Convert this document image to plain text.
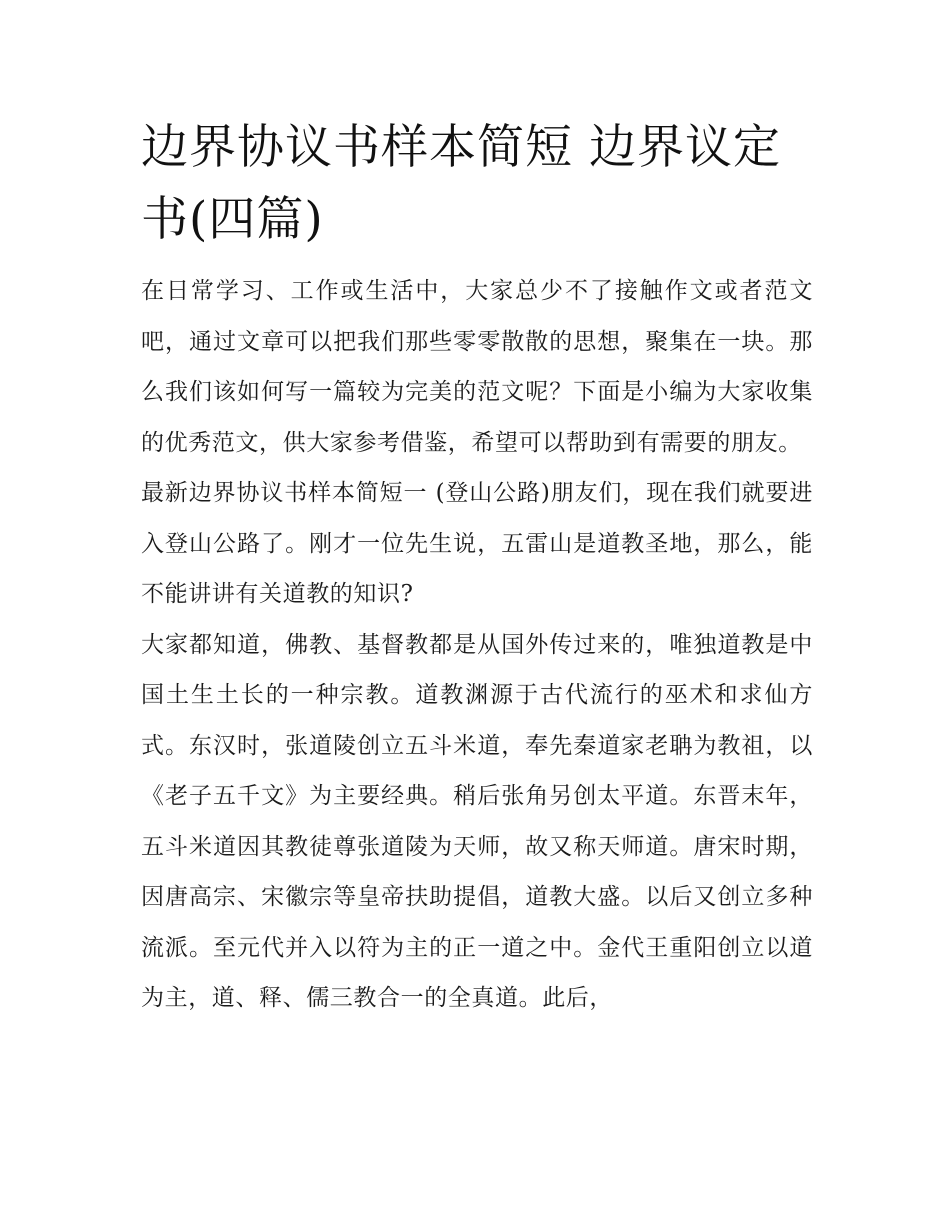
边界协议书样本简短 边界议定书(四篇)

在日常学习、工作或生活中，大家总少不了接触作文或者范文吧，通过文章可以把我们那些零零散散的思想，聚集在一块。那么我们该如何写一篇较为完美的范文呢？下面是小编为大家收集的优秀范文，供大家参考借鉴，希望可以帮助到有需要的朋友。

最新边界协议书样本简短一 (登山公路)朋友们，现在我们就要进入登山公路了。刚才一位先生说，五雷山是道教圣地，那么，能不能讲讲有关道教的知识?

大家都知道，佛教、基督教都是从国外传过来的，唯独道教是中国土生土长的一种宗教。道教渊源于古代流行的巫术和求仙方式。东汉时，张道陵创立五斗米道，奉先秦道家老聃为教祖，以《老子五千文》为主要经典。稍后张角另创太平道。东晋末年，五斗米道因其教徒尊张道陵为天师，故又称天师道。唐宋时期，因唐高宗、宋徽宗等皇帝扶助提倡，道教大盛。以后又创立多种流派。至元代并入以符为主的正一道之中。金代王重阳创立以道为主，道、释、儒三教合一的全真道。此后，
